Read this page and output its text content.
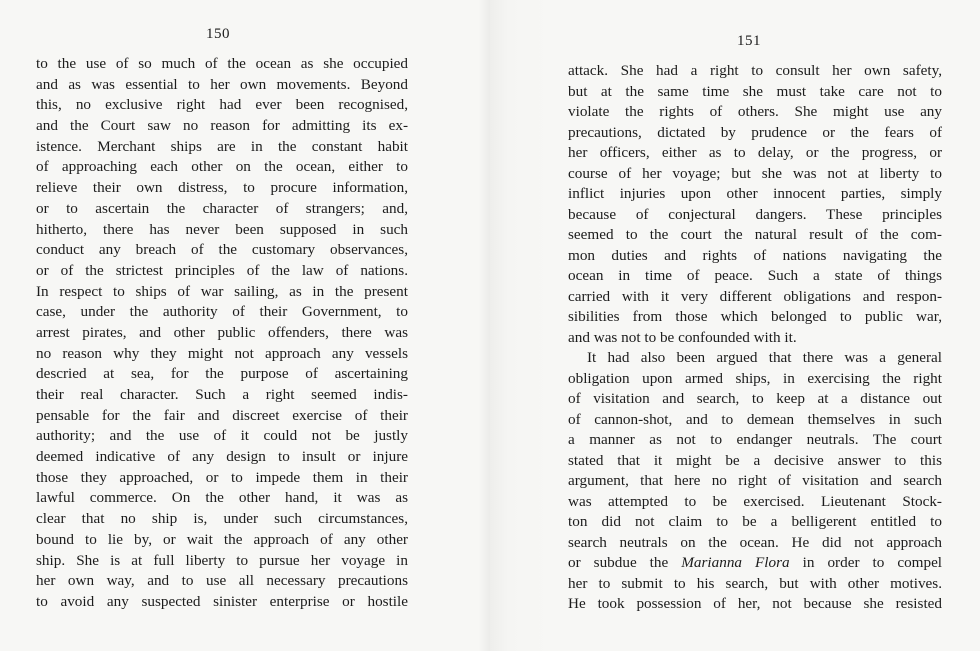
150
to the use of so much of the ocean as she occupied
and as was essential to her own movements. Beyond
this, no exclusive right had ever been recognised,
and the Court saw no reason for admitting its ex-
istence. Merchant ships are in the constant habit
of approaching each other on the ocean, either to
relieve their own distress, to procure information,
or to ascertain the character of strangers; and,
hitherto, there has never been supposed in such
conduct any breach of the customary observances,
or of the strictest principles of the law of nations.
In respect to ships of war sailing, as in the present
case, under the authority of their Government, to
arrest pirates, and other public offenders, there was
no reason why they might not approach any vessels
descried at sea, for the purpose of ascertaining
their real character. Such a right seemed indis-
pensable for the fair and discreet exercise of their
authority; and the use of it could not be justly
deemed indicative of any design to insult or injure
those they approached, or to impede them in their
lawful commerce. On the other hand, it was as
clear that no ship is, under such circumstances,
bound to lie by, or wait the approach of any other
ship. She is at full liberty to pursue her voyage in
her own way, and to use all necessary precautions
to avoid any suspected sinister enterprise or hostile
151
attack. She had a right to consult her own safety,
but at the same time she must take care not to
violate the rights of others. She might use any
precautions, dictated by prudence or the fears of
her officers, either as to delay, or the progress, or
course of her voyage; but she was not at liberty to
inflict injuries upon other innocent parties, simply
because of conjectural dangers. These principles
seemed to the court the natural result of the com-
mon duties and rights of nations navigating the
ocean in time of peace. Such a state of things
carried with it very different obligations and respon-
sibilities from those which belonged to public war,
and was not to be confounded with it.
It had also been argued that there was a general
obligation upon armed ships, in exercising the right
of visitation and search, to keep at a distance out
of cannon-shot, and to demean themselves in such
a manner as not to endanger neutrals. The court
stated that it might be a decisive answer to this
argument, that here no right of visitation and search
was attempted to be exercised. Lieutenant Stock-
ton did not claim to be a belligerent entitled to
search neutrals on the ocean. He did not approach
or subdue the Marianna Flora in order to compel
her to submit to his search, but with other motives.
He took possession of her, not because she resisted
